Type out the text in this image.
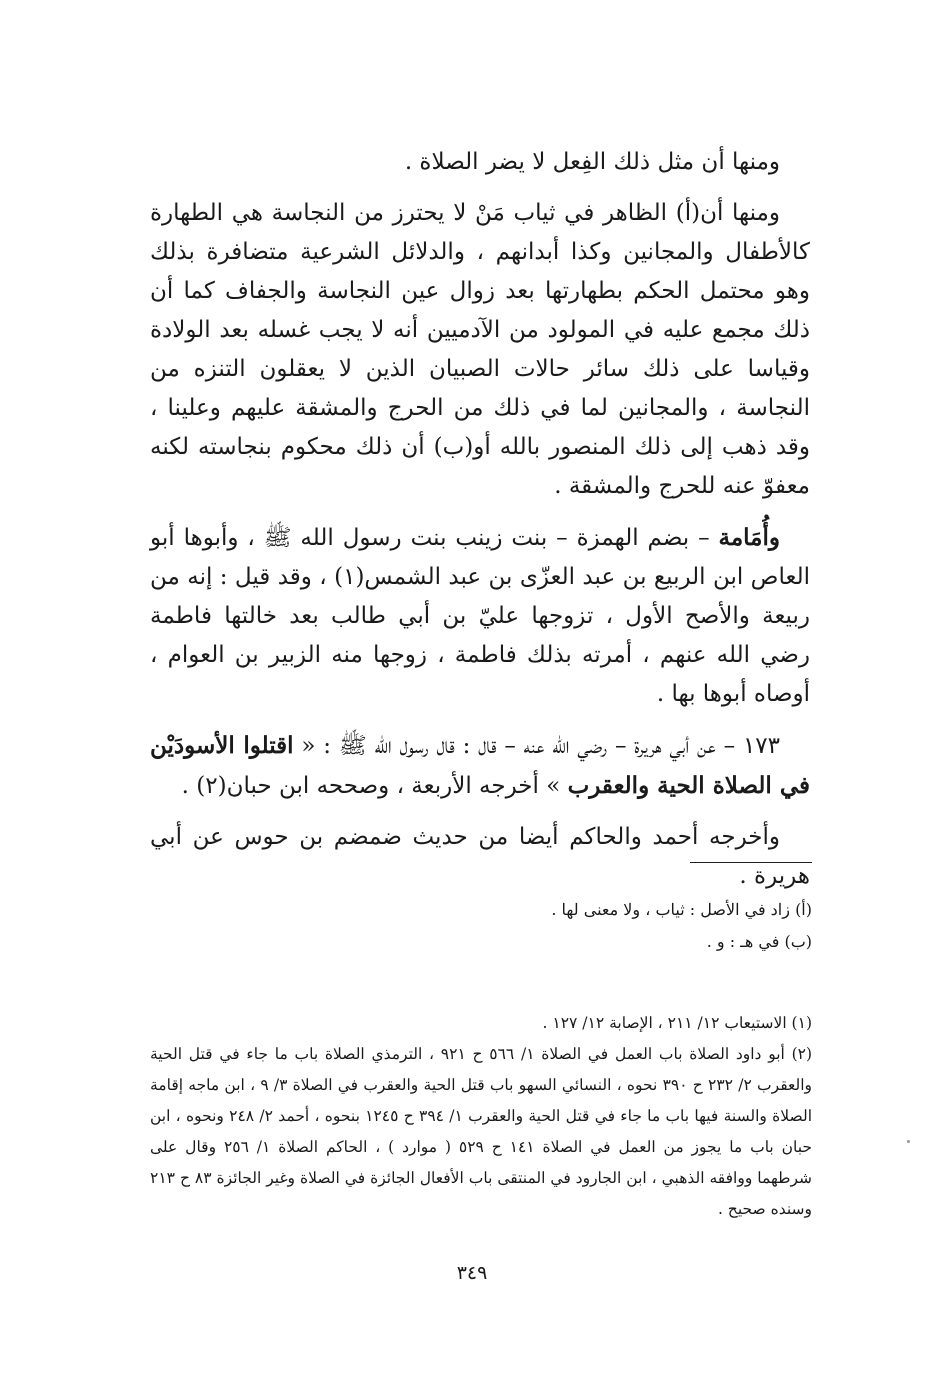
ومنها أن مثل ذلك الفِعل لا يضر الصلاة .

ومنها أن(أ) الظاهر في ثياب مَنْ لا يحترز من النجاسة هي الطهارة كالأطفال والمجانين وكذا أبدانهم ، والدلائل الشرعية متضافرة بذلك وهو محتمل الحكم بطهارتها بعد زوال عين النجاسة والجفاف كما أن ذلك مجمع عليه في المولود من الآدميين أنه لا يجب غسله بعد الولادة وقياسا على ذلك سائر حالات الصبيان الذين لا يعقلون التنزه من النجاسة ، والمجانين لما في ذلك من الحرج والمشقة عليهم وعلينا ، وقد ذهب إلى ذلك المنصور بالله أو(ب) أن ذلك محكوم بنجاسته لكنه معفوّ عنه للحرج والمشقة .

وأُمَامة – بضم الهمزة – بنت زينب بنت رسول الله ﷺ ، وأبوها أبو العاص ابن الربيع بن عبد العزّى بن عبد الشمس(١) ، وقد قيل : إنه من ربيعة والأصح الأول ، تزوجها عليّ بن أبي طالب بعد خالتها فاطمة رضي الله عنهم ، أمرته بذلك فاطمة ، زوجها منه الزبير بن العوام ، أوصاه أبوها بها .

١٧٣ – عن أبي هريرة – رضي الله عنه – قال : قال رسول الله ﷺ : « اقتلوا الأسودَيْن في الصلاة الحية والعقرب » أخرجه الأربعة ، وصححه ابن حبان(٢) .

وأخرجه أحمد والحاكم أيضا من حديث ضمضم بن حوس عن أبي هريرة .

(أ) زاد في الأصل : ثياب ، ولا معنى لها .

(ب) في هـ : و .

(١) الاستيعاب ١٢/ ٢١١ ، الإصابة ١٢/ ١٢٧ .

(٢) أبو داود الصلاة باب العمل في الصلاة ١/ ٥٦٦ ح ٩٢١ ، الترمذي الصلاة باب ما جاء في قتل الحية والعقرب ٢/ ٢٣٢ ح ٣٩٠ نحوه ، النسائي السهو باب قتل الحية والعقرب في الصلاة ٣/ ٩ ، ابن ماجه إقامة الصلاة والسنة فيها باب ما جاء في قتل الحية والعقرب ١/ ٣٩٤ ح ١٢٤٥ بنحوه ، أحمد ٢/ ٢٤٨ ونحوه ، ابن حبان باب ما يجوز من العمل في الصلاة ١٤١ ح ٥٢٩ ( موارد ) ، الحاكم الصلاة ١/ ٢٥٦ وقال على شرطهما ووافقه الذهبي ، ابن الجارود في المنتقى باب الأفعال الجائزة في الصلاة وغير الجائزة ٨٣ ح ٢١٣ وسنده صحيح .

٣٤٩
